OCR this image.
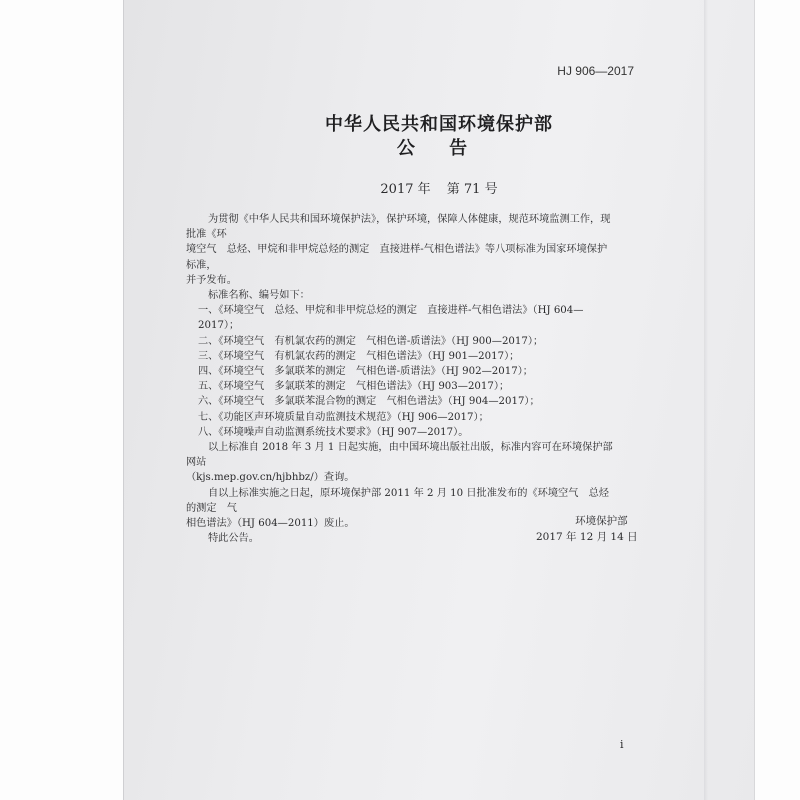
HJ 906—2017
中华人民共和国环境保护部
公 告
2017 年 第 71 号

为贯彻《中华人民共和国环境保护法》，保护环境，保障人体健康，规范环境监测工作，现批准《环

境空气　总烃、甲烷和非甲烷总烃的测定　直接进样-气相色谱法》等八项标准为国家环境保护标准，

并予发布。

标准名称、编号如下：

一、《环境空气　总烃、甲烷和非甲烷总烃的测定　直接进样-气相色谱法》（HJ 604—2017）；

二、《环境空气　有机氯农药的测定　气相色谱-质谱法》（HJ 900—2017）；

三、《环境空气　有机氯农药的测定　气相色谱法》（HJ 901—2017）；

四、《环境空气　多氯联苯的测定　气相色谱-质谱法》（HJ 902—2017）；

五、《环境空气　多氯联苯的测定　气相色谱法》（HJ 903—2017）；

六、《环境空气　多氯联苯混合物的测定　气相色谱法》（HJ 904—2017）；

七、《功能区声环境质量自动监测技术规范》（HJ 906—2017）；

八、《环境噪声自动监测系统技术要求》（HJ 907—2017）。

以上标准自 2018 年 3 月 1 日起实施，由中国环境出版社出版，标准内容可在环境保护部网站

（kjs.mep.gov.cn/hjbhbz/）查询。

自以上标准实施之日起，原环境保护部 2011 年 2 月 10 日批准发布的《环境空气　总烃的测定　气

相色谱法》（HJ 604—2011）废止。

特此公告。

环境保护部
2017 年 12 月 14 日
i
